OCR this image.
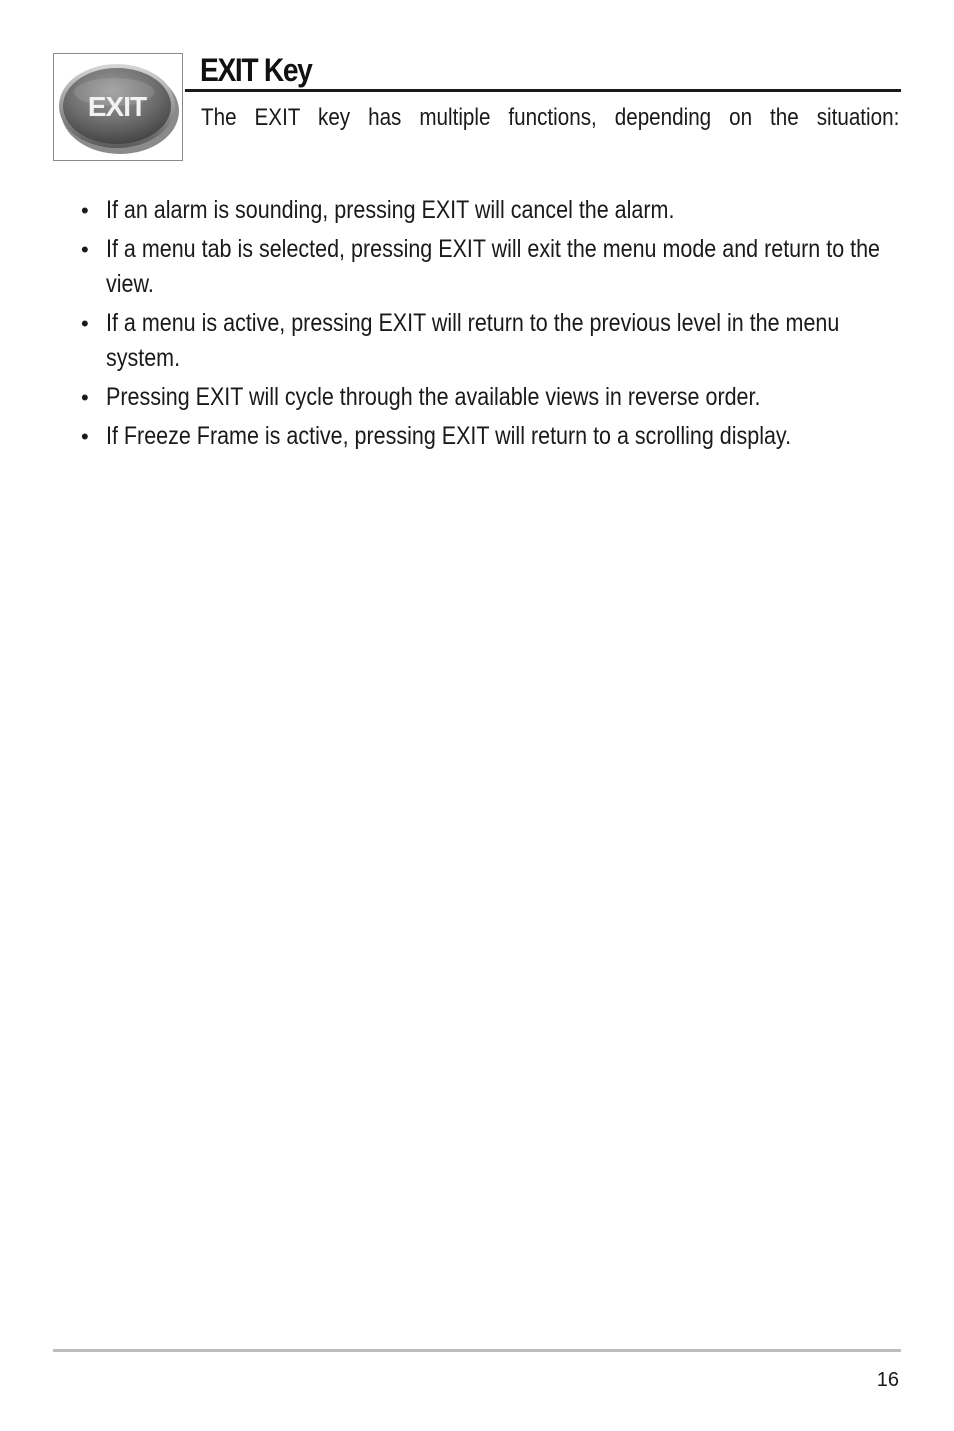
EXIT
EXIT Key
The EXIT key has multiple functions, depending on the situation:
• If an alarm is sounding, pressing EXIT will cancel the alarm.
• If a menu tab is selected, pressing EXIT will exit the menu mode and return to the view.
• If a menu is active, pressing EXIT will return to the previous level in the menu system.
• Pressing EXIT will cycle through the available views in reverse order.
• If Freeze Frame is active, pressing EXIT will return to a scrolling display.
16
